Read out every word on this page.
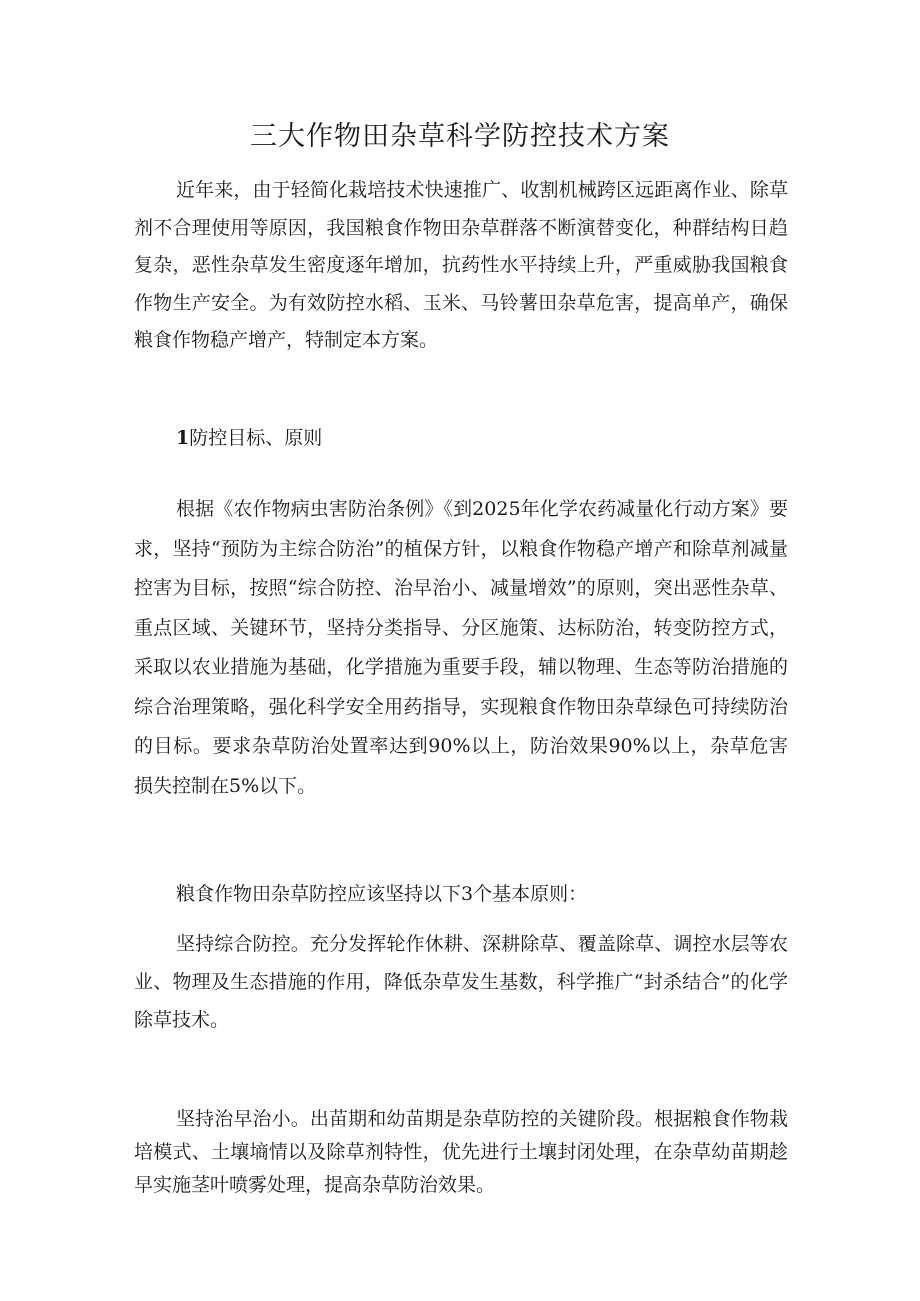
三大作物田杂草科学防控技术方案

近年来，由于轻简化栽培技术快速推广、收割机械跨区远距离作业、除草剂不合理使用等原因，我国粮食作物田杂草群落不断演替变化，种群结构日趋复杂，恶性杂草发生密度逐年增加，抗药性水平持续上升，严重威胁我国粮食作物生产安全。为有效防控水稻、玉米、马铃薯田杂草危害，提高单产，确保粮食作物稳产增产，特制定本方案。

1防控目标、原则

根据《农作物病虫害防治条例》《到2025年化学农药减量化行动方案》要求，坚持“预防为主综合防治”的植保方针，以粮食作物稳产增产和除草剂减量控害为目标，按照“综合防控、治早治小、减量增效”的原则，突出恶性杂草、重点区域、关键环节，坚持分类指导、分区施策、达标防治，转变防控方式，采取以农业措施为基础，化学措施为重要手段，辅以物理、生态等防治措施的综合治理策略，强化科学安全用药指导，实现粮食作物田杂草绿色可持续防治的目标。要求杂草防治处置率达到90%以上，防治效果90%以上，杂草危害损失控制在5%以下。

粮食作物田杂草防控应该坚持以下3个基本原则：

坚持综合防控。充分发挥轮作休耕、深耕除草、覆盖除草、调控水层等农业、物理及生态措施的作用，降低杂草发生基数，科学推广“封杀结合”的化学除草技术。

坚持治早治小。出苗期和幼苗期是杂草防控的关键阶段。根据粮食作物栽培模式、土壤墒情以及除草剂特性，优先进行土壤封闭处理，在杂草幼苗期趁早实施茎叶喷雾处理，提高杂草防治效果。
